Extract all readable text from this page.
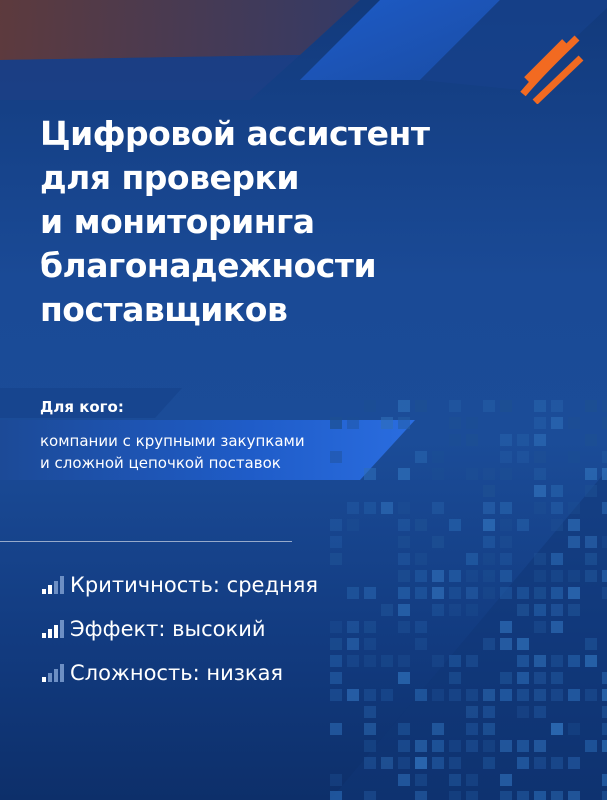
Цифровой ассистент
для проверки
и мониторинга
благонадежности
поставщиков
Для кого:
компании с крупными закупками
и сложной цепочкой поставок
Критичность: средняя
Эффект: высокий
Сложность: низкая
